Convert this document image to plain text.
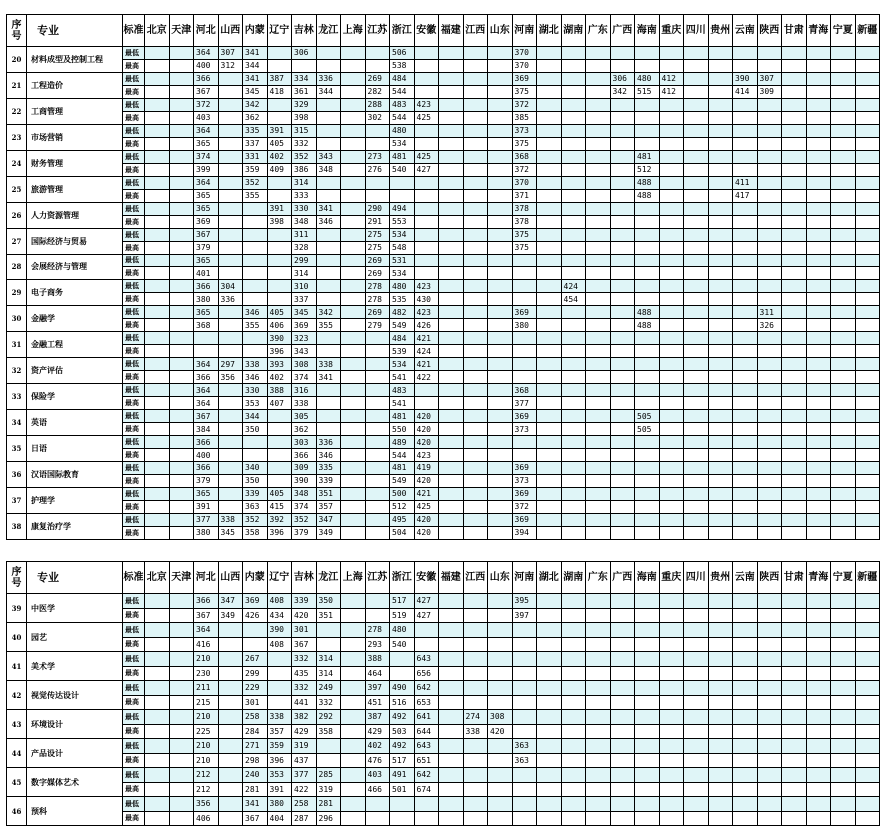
序号	专业	标准	北京	天津	河北	山西	内蒙	辽宁	吉林	龙江	上海	江苏	浙江	安徽	福建	江西	山东	河南	湖北	湖南	广东	广西	海南	重庆	四川	贵州	云南	陕西	甘肃	青海	宁夏	新疆
20	材料成型及控制工程	最低			364	307	341		306				506					370														
		最高			400	312	344						538					370														
21	工程造价	最低			366		341	387	334	336		269	484					369				306	480	412			390	307				
		最高			367		345	418	361	344		282	544					375				342	515	412			414	309				
22	工商管理	最低			372		342		329			288	483	423				372														
		最高			403		362		398			302	544	425				385														
23	市场营销	最低			364		335	391	315				480					373														
		最高			365		337	405	332				534					375														
24	财务管理	最低			374		331	402	352	343		273	481	425				368					481									
		最高			399		359	409	386	348		276	540	427				372					512									
25	旅游管理	最低			364		352		314									370					488				411					
		最高			365		355		333									371					488				417					
26	人力资源管理	最低			365			391	330	341		290	494					378														
		最高			369			398	348	346		291	553					378														
27	国际经济与贸易	最低			367				311			275	534					375														
		最高			379				328			275	548					375														
28	会展经济与管理	最低			365				299			269	531																			
		最高			401				314			269	534																			
29	电子商务	最低			366	304			310			278	480	423						424												
		最高			380	336			337			278	535	430						454												
30	金融学	最低			365		346	405	345	342		269	482	423				369					488					311				
		最高			368		355	406	369	355		279	549	426				380					488					326				
31	金融工程	最低						390	323				484	421																		
		最高						396	343				539	424																		
32	资产评估	最低			364	297	338	393	308	338			534	421																		
		最高			366	356	346	402	374	341			541	422																		
33	保险学	最低			364		330	388	316				483					368														
		最高			364		353	407	338				541					377														
34	英语	最低			367		344		305				481	420				369					505									
		最高			384		350		362				550	420				373					505									
35	日语	最低			366				303	336			489	420																		
		最高			400				366	346			544	423																		
36	汉语国际教育	最低			366		340		309	335			481	419				369														
		最高			379		350		390	339			549	420				373														
37	护理学	最低			365		339	405	348	351			500	421				369														
		最高			391		363	415	374	357			512	425				372														
38	康复治疗学	最低			377	338	352	392	352	347			495	420				369														
		最高			380	345	358	396	379	349			504	420				394														
序号	专业	标准	北京	天津	河北	山西	内蒙	辽宁	吉林	龙江	上海	江苏	浙江	安徽	福建	江西	山东	河南	湖北	湖南	广东	广西	海南	重庆	四川	贵州	云南	陕西	甘肃	青海	宁夏	新疆
39	中医学	最低			366	347	369	408	339	350			517	427				395														
		最高			367	349	426	434	420	351			519	427				397														
40	园艺	最低			364			390	301			278	480																			
		最高			416			408	367			293	540																			
41	美术学	最低			210		267		332	314		388		643																		
		最高			230		299		435	314		464		656																		
42	视觉传达设计	最低			211		229		332	249		397	490	642																		
		最高			215		301		441	332		451	516	653																		
43	环境设计	最低			210		258	338	382	292		387	492	641		274	308															
		最高			225		284	357	429	358		429	503	644		338	420															
44	产品设计	最低			210		271	359	319			402	492	643				363														
		最高			210		298	396	437			476	517	651				363														
45	数字媒体艺术	最低			212		240	353	377	285		403	491	642																		
		最高			212		281	391	422	319		466	501	674																		
46	预科	最低			356		341	380	258	281																						
		最高			406		367	404	287	296																						
